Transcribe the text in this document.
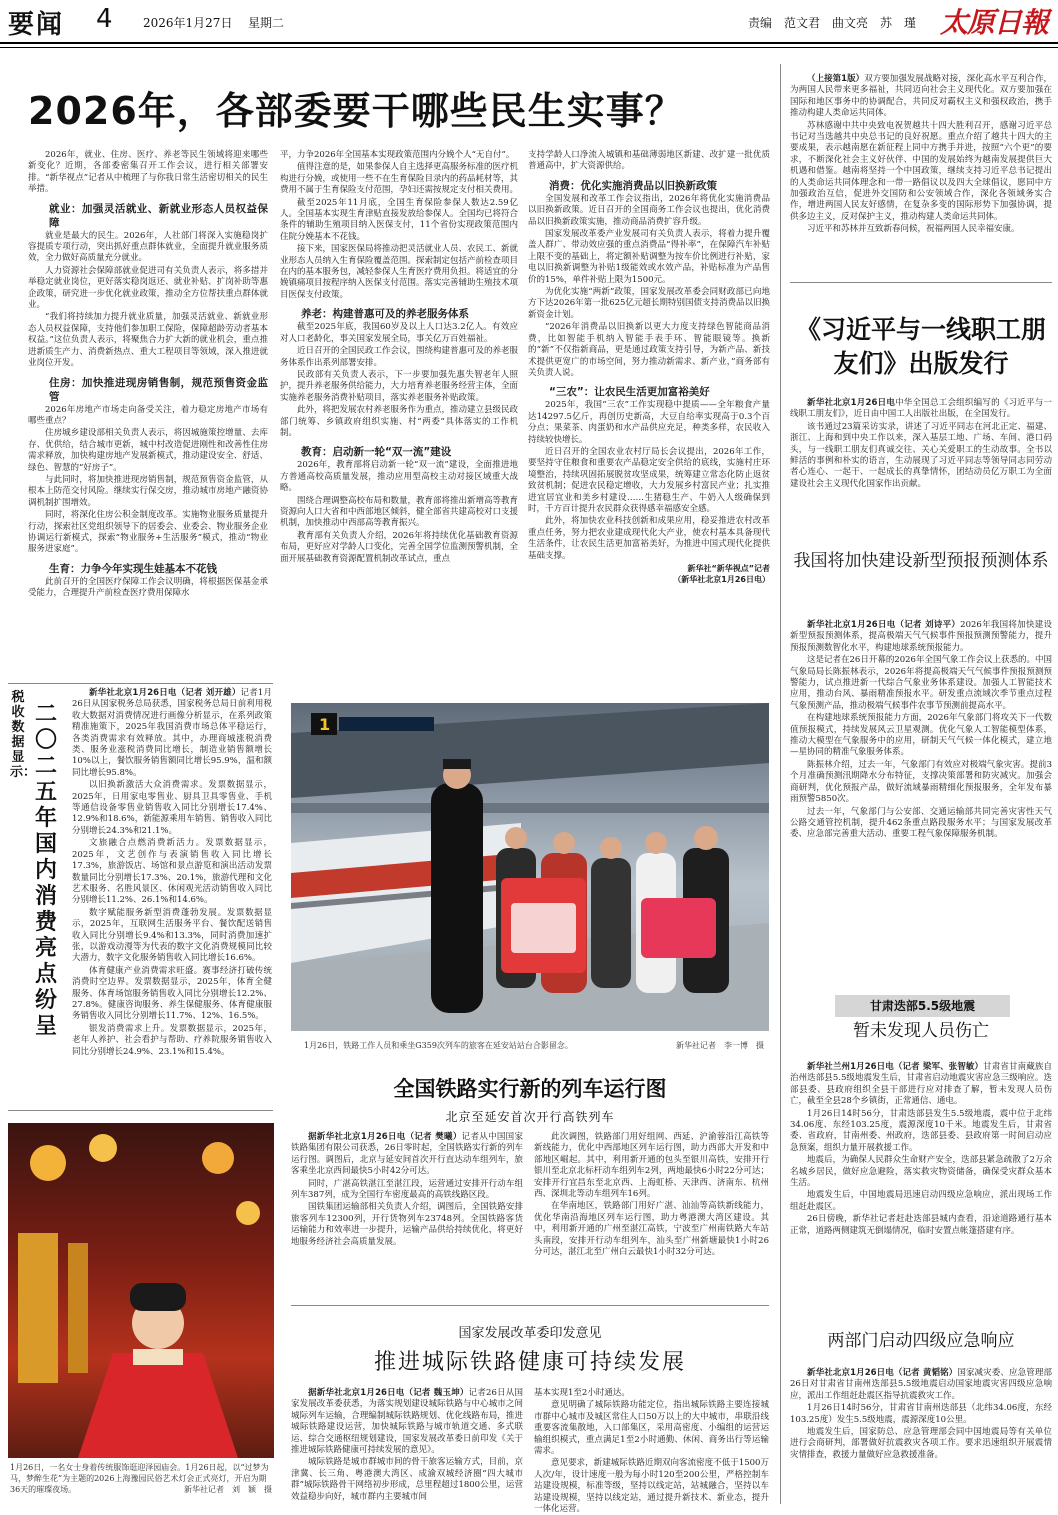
要闻 4	2026年1月27日 星期二	责编　范文君　曲文亮　苏　瑾 太原日報
2026年，各部委要干哪些民生实事？

2026年，就业、住房、医疗、养老等民生领域将迎来哪些新变化？近期，各部委密集召开工作会议，进行相关部署安排。“新华视点”记者从中梳理了与你我日常生活密切相关的民生举措。

就业：加强灵活就业、新就业形态人员权益保障

就业是最大的民生。2026年，人社部门将深入实施稳岗扩容提质专项行动，突出抓好重点群体就业，全面提升就业服务质效，全力做好高质量充分就业。

人力资源社会保障部就业促进司有关负责人表示，将多措并举稳定就业岗位，更好落实稳岗返还、就业补贴、扩岗补助等惠企政策，研究进一步优化就业政策，推动全方位帮扶重点群体就业。

“我们将持续加力提升就业质量，加强灵活就业、新就业形态人员权益保障，支持他们参加职工保险，保障超龄劳动者基本权益。”这位负责人表示，将聚焦合力扩大新的就业机会，重点推进新质生产力、消费新热点、重大工程项目等领域，深入推进就业岗位开发。

住房：加快推进现房销售制，规范预售资金监管

2026年房地产市场走向备受关注，着力稳定房地产市场有哪些重点？

住房城乡建设部相关负责人表示，将因城施策控增量、去库存、优供给，结合城市更新，城中村改造促进刚性和改善性住房需求释放，加快构建房地产发展新模式，推动建设安全、舒适、绿色、智慧的“好房子”。

与此同时，将加快推进现房销售制，规范预售资金监管，从根本上防范交付风险。继续实行保交房，推动城市房地产融资协调机制扩围增效。

同时，将深化住房公积金制度改革。实施物业服务质量提升行动，探索社区党组织领导下的居委会、业委会、物业服务企业协调运行新模式，探索“物业服务+生活服务”模式，推动“物业服务进家庭”。

生育：力争今年实现生娃基本不花钱

此前召开的全国医疗保障工作会议明确，将根据医保基金承受能力，合理提升产前检查医疗费用保障水

平，力争2026年全国基本实现政策范围内分娩个人“无自付”。

值得注意的是，如果参保人自主选择更高服务标准的医疗机构进行分娩，或使用一些不在生育保险目录内的药品耗材等，其费用不属于生育保险支付范围，孕妇还需按规定支付相关费用。

截至2025年11月底，全国生育保险参保人数达2.59亿人。全国基本实现生育津贴直接发放给参保人。全国均已将符合条件的辅助生殖项目纳入医保支付，11个省份实现政策范围内住院分娩基本不花钱。

接下来，国家医保局将推动把灵活就业人员、农民工、新就业形态人员纳入生育保险覆盖范围。探索制定包括产前检查项目在内的基本服务包，减轻参保人生育医疗费用负担。将适宜的分娩镇痛项目按程序纳入医保支付范围。落实完善辅助生殖技术项目医保支付政策。

养老：构建普惠可及的养老服务体系

截至2025年底，我国60岁及以上人口达3.2亿人。有效应对人口老龄化，事关国家发展全局，事关亿万百姓福祉。

近日召开的全国民政工作会议，围绕构建普惠可及的养老服务体系作出系列部署安排。

民政部有关负责人表示，下一步要加强先惠失智老年人照护，提升养老服务供给能力，大力培育养老服务经营主体，全面实施养老服务消费补贴项目，落实养老服务补贴政策。

此外，将把发展农村养老服务作为重点，推动建立县级民政部门统筹、乡镇政府组织实施、村“两委”具体落实的工作机制。

教育：启动新一轮“双一流”建设

2026年，教育部将启动新一轮“双一流”建设，全面推进地方普通高校高质量发展，推动应用型高校主动对接区域重大战略。

围绕合理调整高校布局和数量，教育部将推出新增高等教育资源向人口大省和中西部地区倾斜，健全部省共建高校对口支援机制，加快推动中西部高等教育振兴。

教育部有关负责人介绍，2026年将持续优化基础教育资源布局，更好应对学龄人口变化，完善全国学位监测预警机制，全面开展基础教育资源配置机制改革试点，重点

支持学龄人口净流入城镇和基础薄弱地区新建、改扩建一批优质普通高中，扩大资源供给。

消费：优化实施消费品以旧换新政策

全国发展和改革工作会议指出，2026年将优化实施消费品以旧换新政策。近日召开的全国商务工作会议也提出，优化消费品以旧换新政策实施，推动商品消费扩容升级。

国家发展改革委产业发展司有关负责人表示，将着力提升覆盖人群广、带动效应强的重点消费品“得补率”，在保障汽车补贴上限不变的基础上，将定额补贴调整为按车价比例进行补贴，家电以旧换新调整为补贴1级能效或水效产品，补贴标准为产品售价的15%，单件补贴上限为1500元。

为优化实施“两新”政策，国家发展改革委会同财政部已向地方下达2026年第一批625亿元超长期特别国债支持消费品以旧换新资金计划。

“2026年消费品以旧换新以更大力度支持绿色智能商品消费，比如智能手机纳入智能手表手环、智能眼镜等。换新的“新”不仅指新商品，更是通过政策支持引导，为新产品、新技术提供更宽广的市场空间，努力推动新需求、新产业，”商务部有关负责人说。

“三农”：让农民生活更加富裕美好

2025年，我国“三农”工作实现稳中提质——全年粮食产量达14297.5亿斤，再创历史新高，大豆自给率实现高于0.3个百分点；果菜茶、肉蛋奶和水产品供应充足，种类多样，农民收入持续较快增长。

近日召开的全国农业农村厅局长会议提出，2026年工作，要坚持守住粮食和重要农产品稳定安全供给的底线，实施村庄环境整治，持续巩固拓展脱贫攻坚成果，统筹建立常态化防止返贫致贫机制；促进农民稳定增收，大力发展乡村富民产业；扎实推进宜居宜业和美乡村建设……生猪稳生产、牛奶入人级确保到时，千方百计提升农民群众获得感幸福感安全感。

此外，将加快农业科技创新和成果应用，稳妥推进农村改革重点任务，努力把农业建成现代化大产业，使农村基本具备现代生活条件，让农民生活更加富裕美好，为推进中国式现代化提供基础支撑。

新华社“新华视点”记者
（新华社北京1月26日电）

税收数据显示：
二〇二五年国内消费亮点纷呈

新华社北京1月26日电（记者 刘开雄）记者1月26日从国家税务总局获悉，国家税务总局日前利用税收大数据对消费情况进行画像分析显示，在系列政策精准施策下，2025年我国消费市场总体平稳运行，各类消费需求有效释放。其中，办理商城涨税消费类、服务业涨税消费同比增长，制造业销售额增长10%以上，餐饮服务销售额同比增长95.9%，温和额同比增长95.8%。

以旧换新激活大众消费需求。发票数据显示，2025年，日用家电零售业、厨具卫具零售业、手机等通信设备零售业销售收入同比分别增长17.4%、12.9%和18.6%，新能源乘用车销售、销售收入同比分别增长24.3%和21.1%。

文旅融合点燃消费新活力。发票数据显示，2025年，文艺创作与表演销售收入同比增长17.3%，旅游饭店、场馆和景点游览和演出活动发票数量同比分别增长17.3%、20.1%，旅游代理和文化艺术服务、名胜风景区、休闲观光活动销售收入同比分别增长11.2%、26.1%和14.6%。

数字赋能服务新型消费蓬勃发展。发票数据显示，2025年，互联网生活服务平台、餐饮配送销售收入同比分别增长9.4%和13.3%，同时消费加速扩张，以游戏动漫等为代表的数字文化消费规模同比较大潜力，数字文化服务销售收入同比增长16.6%。

体育健康产业消费需求旺盛。赛事经济打破传统消费时空边界。发票数据显示，2025年，体育全健服务、体育场馆服务销售收入同比分别增长12.2%、27.8%。健康咨询服务、养生保健服务、体育健康服务销售收入同比分别增长11.7%、12%、16.5%。

银发消费需求上升。发票数据显示，2025年，老年人养护、社会看护与帮助、疗养院服务销售收入同比分别增长24.9%、23.1%和15.4%。

1
1月26日，铁路工作人员和乘坐G359次列车的旅客在延安站站台合影留念。	新华社记者　李一博　摄
全国铁路实行新的列车运行图
北京至延安首次开行高铁列车

据新华社北京1月26日电（记者 樊曦）记者从中国国家铁路集团有限公司获悉，26日零时起，全国铁路实行新的列车运行图。调图后，北京与延安间首次开行直达动车组列车，旅客乘坐北京西间最快5小时42分可达。

同时，广湛高铁湛江至湛江段，运营通过安排开行动车组列车387列，成为全国行车密度最高的高铁线路区段。

国铁集团运输部相关负责人介绍，调图后，全国铁路安排旅客列车12300列，开行货物列车23748列。全国铁路客货运输能力和效率进一步提升，运输产品供给持续优化，将更好地服务经济社会高质量发展。

此次调图，铁路部门用好组网、西延、沪渝蓉沿江高铁等新线能力，优化中西部地区列车运行图，助力西部大开发和中部地区崛起。其中，利用新开通的包头至银川高铁，安排开行银川至北京北标杆动车组列车2列，两地最快6小时22分可达；安排开行宜昌东至北京西、上海虹桥、天津西、济南东、杭州西、深圳北等动车组列车16列。

在华南地区，铁路部门用好广湛、汕汕等高铁新线能力，优化华南沿海地区列车运行图，助力粤港澳大湾区建设。其中，利用新开通的广州至湛江高铁，宁波至广州南铁路大车站头南段，安排开行动车组列车，汕头至广州新塘最快1小时26分可达，湛江北至广州白云最快1小时32分可达。

国家发展改革委印发意见
推进城际铁路健康可持续发展

据新华社北京1月26日电（记者 魏玉坤）记者26日从国家发展改革委获悉，为落实规划建设城际铁路与中心城市之间城际列车运输，合理编制城际铁路规划、优化线路布局，推进城际铁路建设运营，加快城际铁路与城市轨道交通、多式联运、综合交通枢纽规划建设，国家发展改革委日前印发《关于推进城际铁路健康可持续发展的意见》。

城际铁路是城市群城市间的骨干旅客运输方式，目前，京津冀、长三角、粤港澳大湾区、成渝双城经济圈“四大城市群”城际铁路骨干网络初步形成，总里程超过1800公里，运营效益稳步向好，城市群内主要城市间

基本实现1至2小时通达。

意见明确了城际铁路功能定位，指出城际铁路主要连接城市群中心城市及城区常住人口50万以上的大中城市，串联沿线重要客流集散地，入口部集区，采用高密度、小编组的运营运输组织模式，重点满足1至2小时通勤、休闲、商务出行等运输需求。

意见要求，新建城际铁路近期双向客流密度不低于1500万人次/年，设计速度一般为每小时120至200公里，严格控制车站建设规模，标准等级，坚持以线定站，站城融合，坚持以车站建设规模，坚持以线定站，通过提升新技术、新业态，提升一体化运营。

1月26日，一名女士身着传统服饰逛迎泽园庙会。1月26日起，以“过梦为马，梦醉生花”为主题的2026上海豫园民俗艺术灯会正式亮灯，开启为期36天的璀璨夜场。	新华社记者　刘　颖　摄

（上接第1版）双方要加强发展战略对接，深化高水平互利合作，为两国人民带来更多福祉，共同迈向社会主义现代化。双方要加强在国际和地区事务中的协调配合，共同反对霸权主义和强权政治，携手推动构建人类命运共同体。

苏林感谢中共中央致电祝贺越共十四大胜利召开，感谢习近平总书记对当选越共中央总书记的良好祝愿。重点介绍了越共十四大的主要成果，表示越南愿在新征程上同中方携手并进，按照“六个更”的要求，不断深化社会主义好伙伴、中国的发展始终为越南发展提供巨大机遇和借鉴。越南将坚持一个中国政策，继续支持习近平总书记提出的人类命运共同体理念和一带一路倡议以及四大全球倡议，愿同中方加强政治互信，促进外交国防和公安领域合作，深化各领域务实合作，增进两国人民友好感情，在复杂多变的国际形势下加强协调，提供多边主义，反对保护主义，推动构建人类命运共同体。

习近平和苏林并互致新春问候，祝福两国人民幸福安康。

《习近平与一线职工朋友们》出版发行

新华社北京1月26日电中华全国总工会组织编写的《习近平与一线职工朋友们》，近日由中国工人出版社出版，在全国发行。

该书通过23篇采访实录，讲述了习近平同志在河北正定、福建、浙江、上海和到中央工作以来，深入基层工地、广场、车间、港口码头，与一线职工朋友们真诚交往、关心关爱职工的生动故事。全书以鲜活的事例和朴实的语言，生动展现了习近平同志等领导同志同劳动者心连心、一起干、一起成长的真挚情怀，团结动员亿万职工为全面建设社会主义现代化国家作出贡献。

我国将加快建设新型预报预测体系

新华社北京1月26日电（记者 刘诗平）2026年我国将加快建设新型预报预测体系，提高极端天气气候事件预报预测预警能力，提升预报预测数智化水平，构建地球系统预报能力。

这是记者在26日开幕的2026年全国气象工作会议上获悉的。中国气象局局长陈振林表示，2026年将提高极端天气气候事件预报预测预警能力，试点推进新一代综合气象业务体系建设。加强人工智能技术应用，推动台风、暴雨精准预报水平。研发重点流域次季节重点过程气象预测产品，推动极端气候事件农事节预测前提高水平。

在构建地球系统预报能力方面，2026年气象部门将攻关下一代数值预报模式，持续发展风云卫星观测。优化气象人工智能模型体系，推动大模型在气象服务中的应用，研制天气气候一体化模式，建立地—星协同的精准气象服务体系。

陈振林介绍，过去一年，气象部门有效应对极端气象灾害。提前3个月准确预测汛期降水分布特征，支撑决策部署和防灾减灾。加强会商研判，优化预报产品，做好流域暴雨精细化预报服务，全年发布暴雨预警5850次。

过去一年，气象部门与公安部、交通运输部共同完善灾害性天气公路交通管控机制，提升462条重点路段服务水平；与国家发展改革委、应急部完善重大活动、重要工程气象保障服务机制。

甘肃迭部5.5级地震
暂未发现人员伤亡

新华社兰州1月26日电（记者 梁军、张智敏）甘肃省甘南藏族自治州迭部县5.5级地震发生后，甘肃省启动地震灾害应急三级响应。迭部县委、县政府组织全县干部进行应对排查了解，暂未发现人员伤亡，截至全县28个乡镇街，正常通信、通电。

1月26日14时56分，甘肃迭部县发生5.5级地震，震中位于北纬34.06度、东经103.25度，震源深度10千米。地震发生后，甘肃省委、省政府，甘南州委、州政府，迭部县委、县政府第一时间启动应急预案，组织力量开展救援工作。

地震后，为确保人民群众生命财产安全，迭部县紧急疏散了2万余名城乡居民，做好应急避险，落实救灾物资储备，确保受灾群众基本生活。

地震发生后，中国地震局迅速启动四级应急响应，派出现场工作组赶赴震区。

26日傍晚，新华社记者赶赴迭部县城内查看，沿途道路通行基本正常，道路两侧建筑无倒塌情况，临时安置点帐篷搭建有序。

两部门启动四级应急响应

新华社北京1月26日电（记者 黄韬铭）国家减灾委、应急管理部26日对甘肃省甘南州迭部县5.5级地震启动国家地震灾害四级应急响应，派出工作组赶赴震区指导抗震救灾工作。

1月26日14时56分，甘肃省甘南州迭部县（北纬34.06度，东经103.25度）发生5.5级地震，震源深度10公里。

地震发生后，国家防总、应急管理部会同中国地震局等有关单位进行会商研判，部署做好抗震救灾各项工作。要求迅速组织开展震情灾情排查，救援力量做好应急救援准备。
